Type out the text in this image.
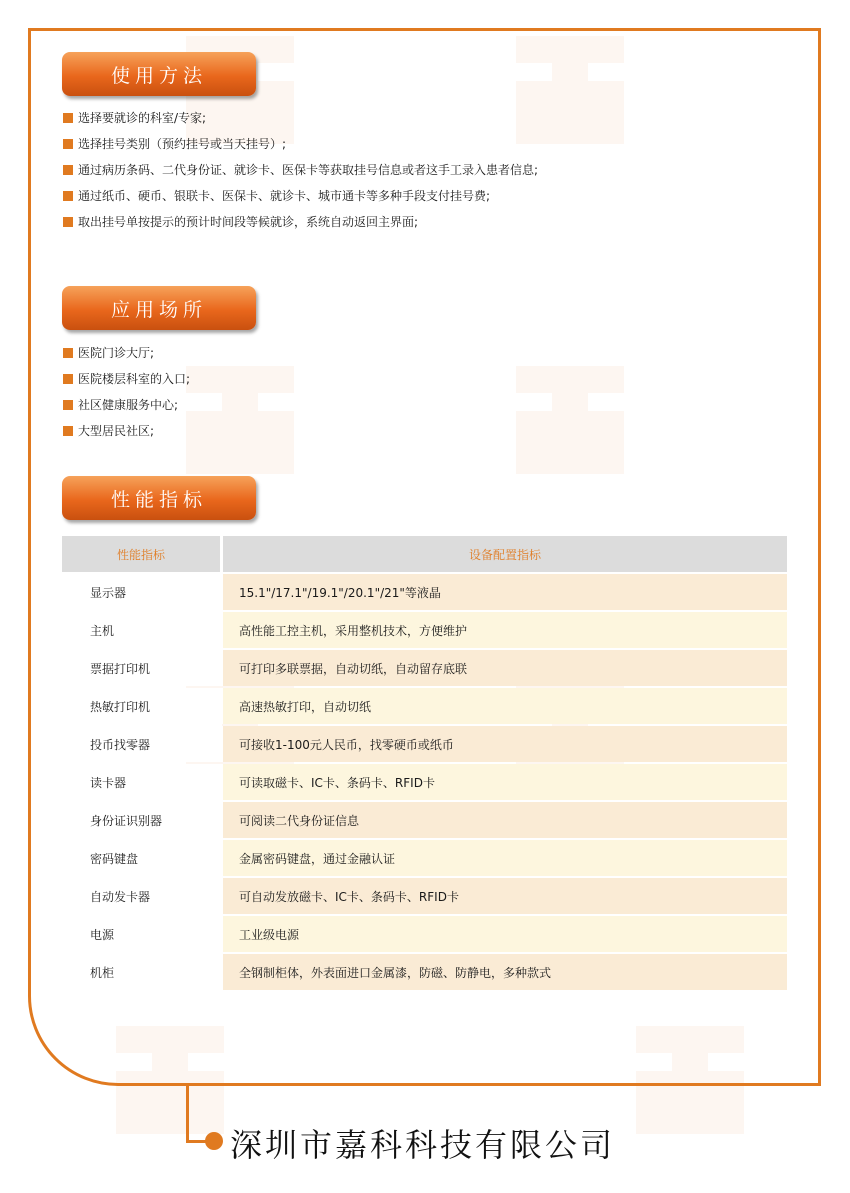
使用方法
选择要就诊的科室/专家;
选择挂号类别（预约挂号或当天挂号）;
通过病历条码、二代身份证、就诊卡、医保卡等获取挂号信息或者这手工录入患者信息;
通过纸币、硬币、银联卡、医保卡、就诊卡、城市通卡等多种手段支付挂号费;
取出挂号单按提示的预计时间段等候就诊，系统自动返回主界面;
应用场所
医院门诊大厅;
医院楼层科室的入口;
社区健康服务中心;
大型居民社区;
性能指标
性能指标	设备配置指标
显示器	15.1"/17.1"/19.1"/20.1"/21"等液晶
主机	高性能工控主机，采用整机技术，方便维护
票据打印机	可打印多联票据，自动切纸，自动留存底联
热敏打印机	高速热敏打印，自动切纸
投币找零器	可接收1-100元人民币，找零硬币或纸币
读卡器	可读取磁卡、IC卡、条码卡、RFID卡
身份证识别器	可阅读二代身份证信息
密码键盘	金属密码键盘，通过金融认证
自动发卡器	可自动发放磁卡、IC卡、条码卡、RFID卡
电源	工业级电源
机柜	全钢制柜体，外表面进口金属漆，防磁、防静电，多种款式
深圳市嘉科科技有限公司
